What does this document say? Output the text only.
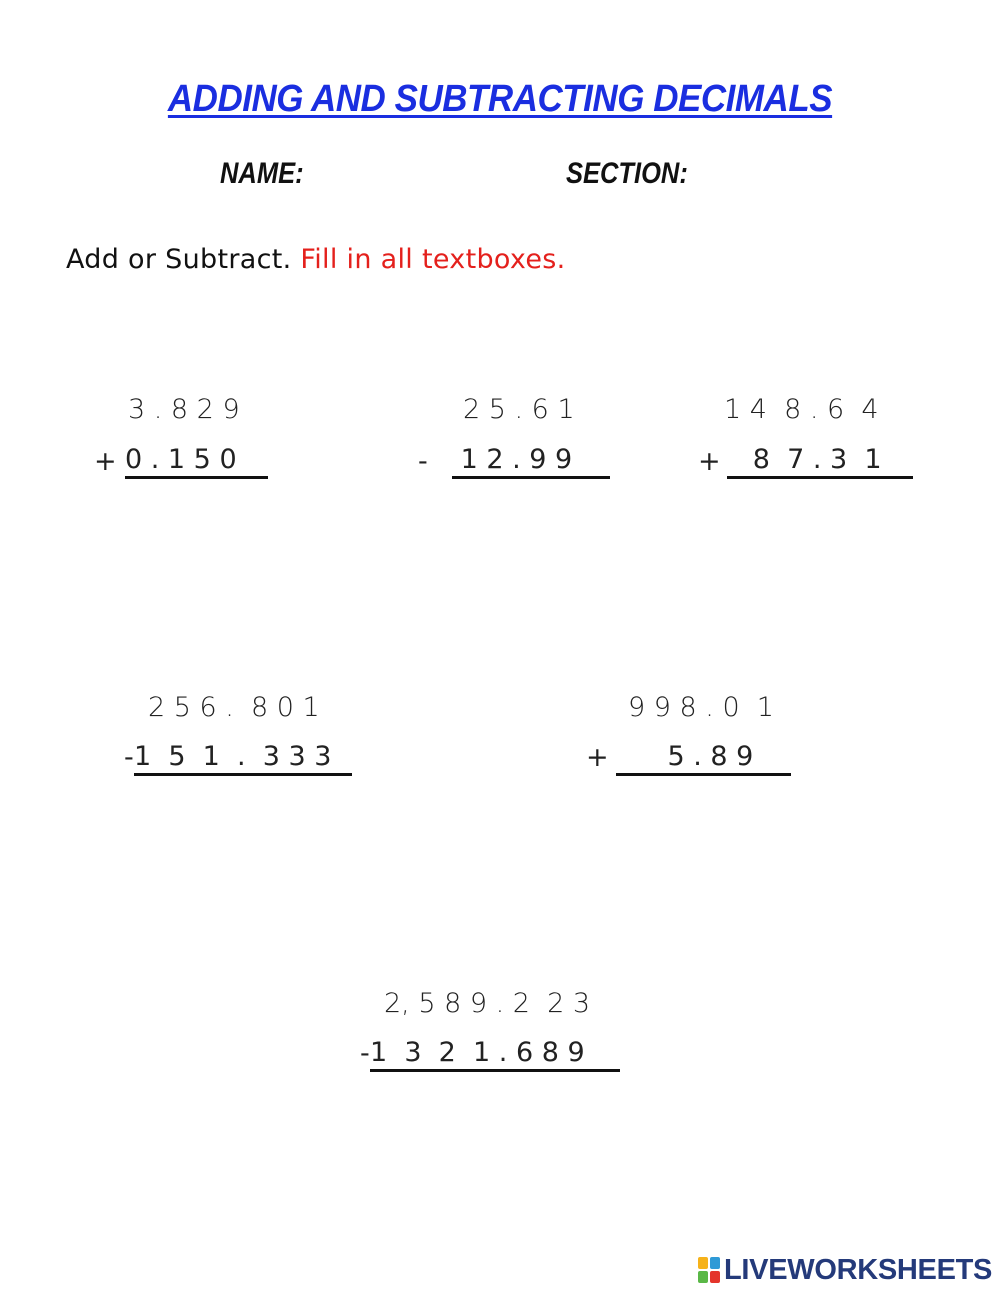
ADDING AND SUBTRACTING DECIMALS
NAME:	SECTION:
Add or Subtract. Fill in all textboxes.
3 . 8 2 9
+ 0 . 1 5 0
2 5 . 6 1
- 1 2 . 9 9
1 4  8 . 6  4
+ 8  7 . 3  1
2 5 6 .  8 0 1
- 1  5  1  .  3 3 3
9 9 8 . 0  1
+ 5 . 8 9
2, 5 8 9 . 2  2 3
- 1  3  2  1 . 6 8 9
LIVEWORKSHEETS
